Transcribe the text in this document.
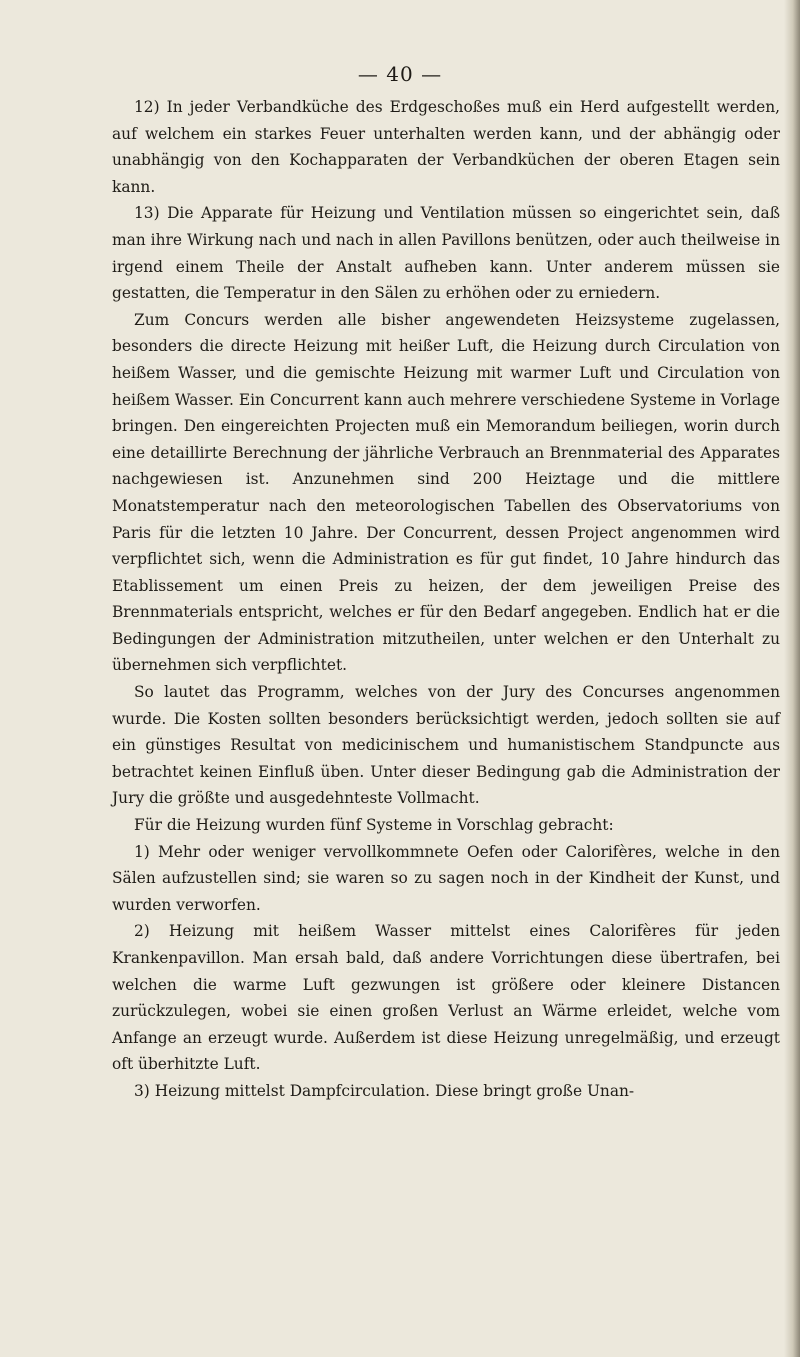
— 40 —

12) In jeder Verbandküche des Erdgeschoßes muß ein Herd aufgestellt werden, auf welchem ein starkes Feuer unterhalten werden kann, und der abhängig oder unabhängig von den Kochapparaten der Verbandküchen der oberen Etagen sein kann.

13) Die Apparate für Heizung und Ventilation müssen so eingerichtet sein, daß man ihre Wirkung nach und nach in allen Pavillons benützen, oder auch theilweise in irgend einem Theile der Anstalt aufheben kann. Unter anderem müssen sie gestatten, die Temperatur in den Sälen zu erhöhen oder zu erniedern.

Zum Concurs werden alle bisher angewendeten Heizsysteme zugelassen, besonders die directe Heizung mit heißer Luft, die Heizung durch Circulation von heißem Wasser, und die gemischte Heizung mit warmer Luft und Circulation von heißem Wasser. Ein Concurrent kann auch mehrere verschiedene Systeme in Vorlage bringen. Den eingereichten Projecten muß ein Memorandum beiliegen, worin durch eine detaillirte Berechnung der jährliche Verbrauch an Brennmaterial des Apparates nachgewiesen ist. Anzunehmen sind 200 Heiztage und die mittlere Monatstemperatur nach den meteorologischen Tabellen des Observatoriums von Paris für die letzten 10 Jahre. Der Concurrent, dessen Project angenommen wird verpflichtet sich, wenn die Administration es für gut findet, 10 Jahre hindurch das Etablissement um einen Preis zu heizen, der dem jeweiligen Preise des Brennmaterials entspricht, welches er für den Bedarf angegeben. Endlich hat er die Bedingungen der Administration mitzutheilen, unter welchen er den Unterhalt zu übernehmen sich verpflichtet.

So lautet das Programm, welches von der Jury des Concurses angenommen wurde. Die Kosten sollten besonders berücksichtigt werden, jedoch sollten sie auf ein günstiges Resultat von medicinischem und humanistischem Standpuncte aus betrachtet keinen Einfluß üben. Unter dieser Bedingung gab die Administration der Jury die größte und ausgedehnteste Vollmacht.

Für die Heizung wurden fünf Systeme in Vorschlag gebracht:

1) Mehr oder weniger vervollkommnete Oefen oder Calorifères, welche in den Sälen aufzustellen sind; sie waren so zu sagen noch in der Kindheit der Kunst, und wurden verworfen.

2) Heizung mit heißem Wasser mittelst eines Calorifères für jeden Krankenpavillon. Man ersah bald, daß andere Vorrichtungen diese übertrafen, bei welchen die warme Luft gezwungen ist größere oder kleinere Distancen zurückzulegen, wobei sie einen großen Verlust an Wärme erleidet, welche vom Anfange an erzeugt wurde. Außerdem ist diese Heizung unregelmäßig, und erzeugt oft überhitzte Luft.

3) Heizung mittelst Dampfcirculation. Diese bringt große Unan-
